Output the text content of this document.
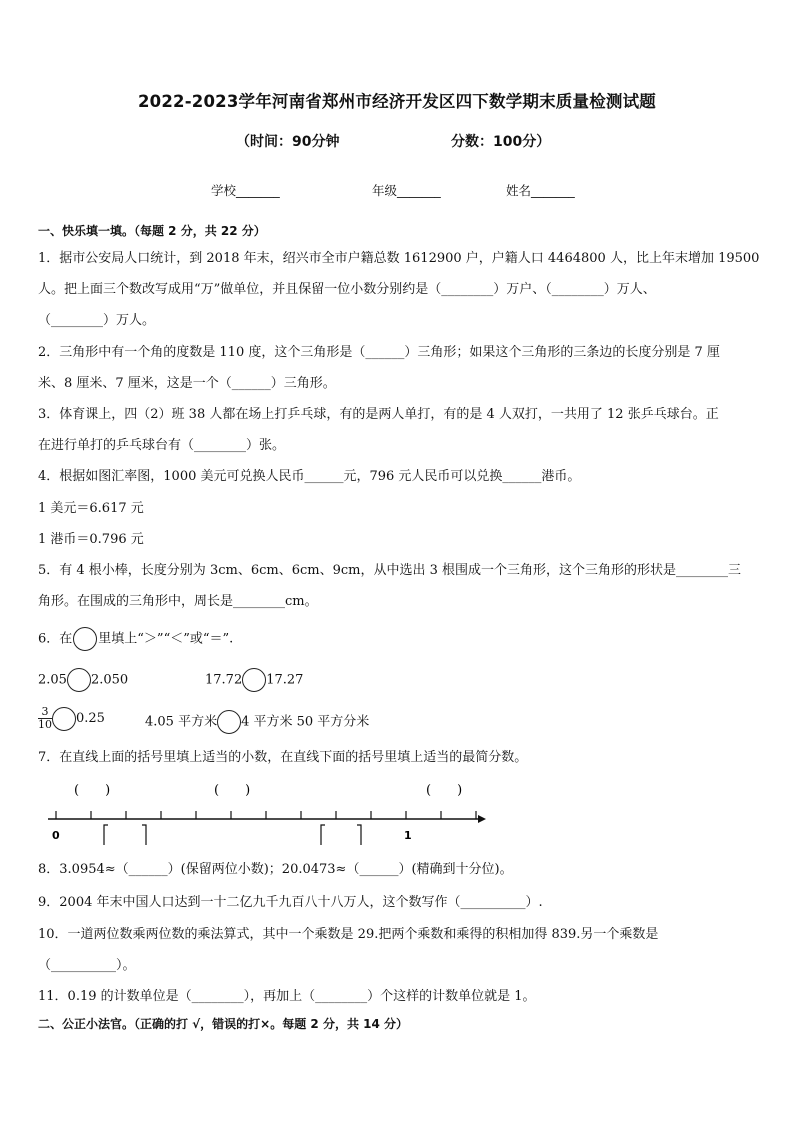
2022-2023学年河南省郑州市经济开发区四下数学期末质量检测试题
（时间：90分钟	分数：100分）
学校_______	年级_______	姓名_______
一、快乐填一填。（每题 2 分，共 22 分）
1．据市公安局人口统计，到 2018 年末，绍兴市全市户籍总数 1612900 户，户籍人口 4464800 人，比上年末增加 19500
人。把上面三个数改写成用“万”做单位，并且保留一位小数分别约是（________）万户、（________）万人、
（________）万人。
2．三角形中有一个角的度数是 110 度，这个三角形是（______）三角形；如果这个三角形的三条边的长度分别是 7 厘
米、8 厘米、7 厘米，这是一个（______）三角形。
3．体育课上，四（2）班 38 人都在场上打乒乓球，有的是两人单打，有的是 4 人双打，一共用了 12 张乒乓球台。正
在进行单打的乒乓球台有（________）张。
4．根据如图汇率图，1000 美元可兑换人民币______元，796 元人民币可以兑换______港币。
1 美元＝6.617 元
1 港币＝0.796 元
5．有 4 根小棒，长度分别为 3cm、6cm、6cm、9cm，从中选出 3 根围成一个三角形，这个三角形的形状是________三
角形。在围成的三角形中，周长是________cm。
6．在 里填上“＞”“＜”或“＝”.
2.05 2.050	17.72 17.27
$\frac{3}{10} 0.25$	4.05 平方米 4 平方米 50 平方分米
7．在直线上面的括号里填上适当的小数，在直线下面的括号里填上适当的最简分数。
(　　)	(　　)	(　　)
0	1
8．3.0954≈（______）(保留两位小数)；20.0473≈（______）(精确到十分位)。
9．2004 年末中国人口达到一十二亿九千九百八十八万人，这个数写作（__________）.
10．一道两位数乘两位数的乘法算式，其中一个乘数是 29.把两个乘数和乘得的积相加得 839.另一个乘数是
（__________）。
11．0.19 的计数单位是（________），再加上（________）个这样的计数单位就是 1。
二、公正小法官。（正确的打 √，错误的打×。每题 2 分，共 14 分）
